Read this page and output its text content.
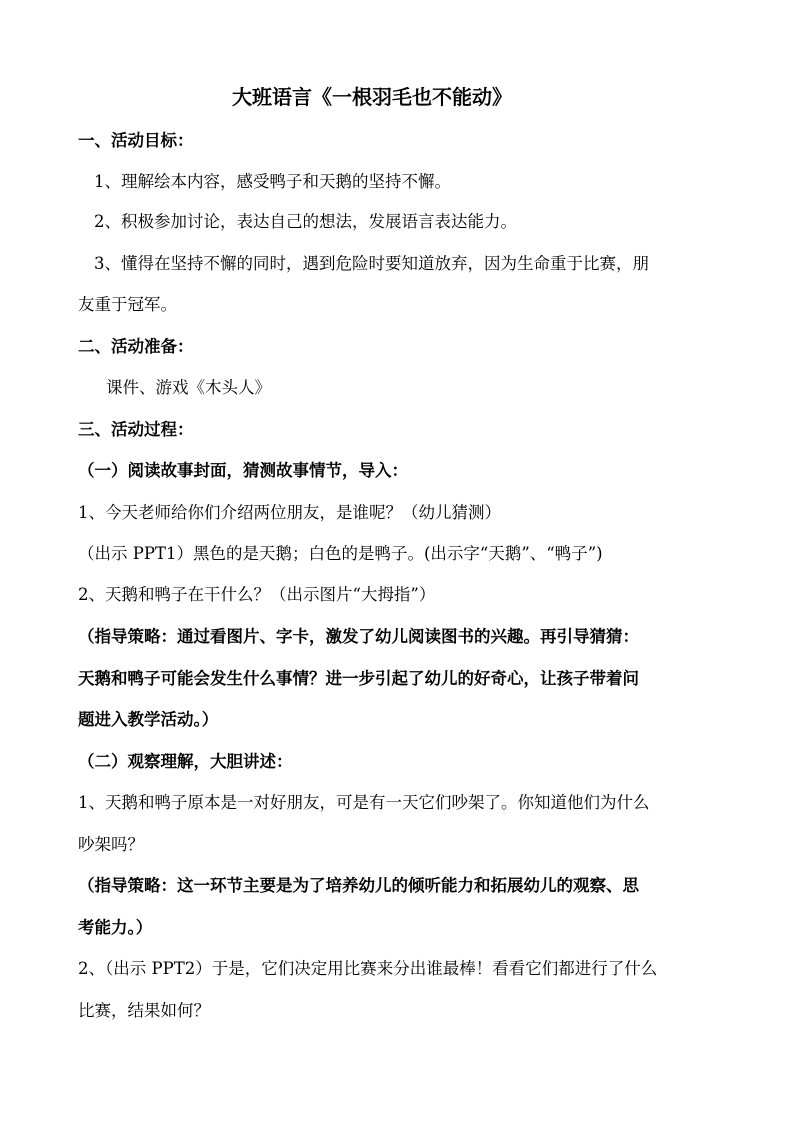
大班语言《一根羽毛也不能动》
一、活动目标：
1、理解绘本内容，感受鸭子和天鹅的坚持不懈。
2、积极参加讨论，表达自己的想法，发展语言表达能力。
3、懂得在坚持不懈的同时，遇到危险时要知道放弃，因为生命重于比赛，朋
友重于冠军。
二、活动准备：
课件、游戏《木头人》
三、活动过程：
（一）阅读故事封面，猜测故事情节，导入：
1、今天老师给你们介绍两位朋友，是谁呢？（幼儿猜测）
（出示 PPT1）黑色的是天鹅；白色的是鸭子。(出示字“天鹅”、“鸭子”)
2、天鹅和鸭子在干什么？（出示图片“大拇指”）
（指导策略：通过看图片、字卡，激发了幼儿阅读图书的兴趣。再引导猜猜：
天鹅和鸭子可能会发生什么事情？进一步引起了幼儿的好奇心，让孩子带着问
题进入教学活动。）
（二）观察理解，大胆讲述：
1、天鹅和鸭子原本是一对好朋友，可是有一天它们吵架了。你知道他们为什么
吵架吗？
（指导策略：这一环节主要是为了培养幼儿的倾听能力和拓展幼儿的观察、思
考能力。）
2、（出示 PPT2）于是，它们决定用比赛来分出谁最棒！看看它们都进行了什么
比赛，结果如何？
